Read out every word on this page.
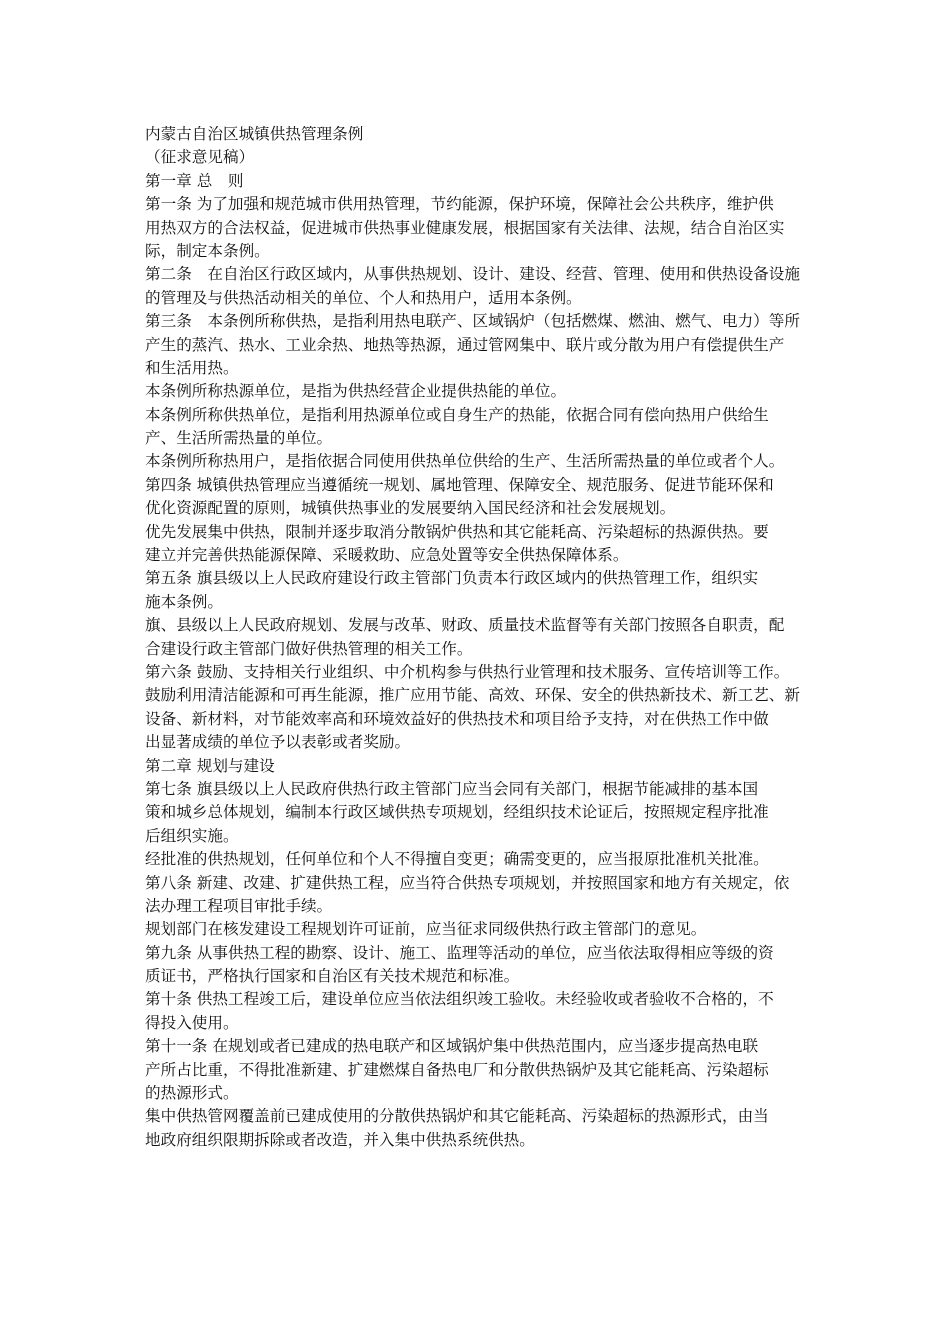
内蒙古自治区城镇供热管理条例
（征求意见稿）
第一章 总　则
第一条 为了加强和规范城市供用热管理，节约能源，保护环境，保障社会公共秩序，维护供
用热双方的合法权益，促进城市供热事业健康发展，根据国家有关法律、法规，结合自治区实
际，制定本条例。
第二条　在自治区行政区域内，从事供热规划、设计、建设、经营、管理、使用和供热设备设施
的管理及与供热活动相关的单位、个人和热用户，适用本条例。
第三条　本条例所称供热，是指利用热电联产、区域锅炉（包括燃煤、燃油、燃气、电力）等所
产生的蒸汽、热水、工业余热、地热等热源，通过管网集中、联片或分散为用户有偿提供生产
和生活用热。
本条例所称热源单位，是指为供热经营企业提供热能的单位。
本条例所称供热单位，是指利用热源单位或自身生产的热能，依据合同有偿向热用户供给生
产、生活所需热量的单位。
本条例所称热用户，是指依据合同使用供热单位供给的生产、生活所需热量的单位或者个人。
第四条 城镇供热管理应当遵循统一规划、属地管理、保障安全、规范服务、促进节能环保和
优化资源配置的原则，城镇供热事业的发展要纳入国民经济和社会发展规划。
优先发展集中供热，限制并逐步取消分散锅炉供热和其它能耗高、污染超标的热源供热。要
建立并完善供热能源保障、采暖救助、应急处置等安全供热保障体系。
第五条 旗县级以上人民政府建设行政主管部门负责本行政区域内的供热管理工作，组织实
施本条例。
旗、县级以上人民政府规划、发展与改革、财政、质量技术监督等有关部门按照各自职责，配
合建设行政主管部门做好供热管理的相关工作。
第六条 鼓励、支持相关行业组织、中介机构参与供热行业管理和技术服务、宣传培训等工作。
鼓励利用清洁能源和可再生能源，推广应用节能、高效、环保、安全的供热新技术、新工艺、新
设备、新材料，对节能效率高和环境效益好的供热技术和项目给予支持，对在供热工作中做
出显著成绩的单位予以表彰或者奖励。
第二章 规划与建设
第七条 旗县级以上人民政府供热行政主管部门应当会同有关部门，根据节能减排的基本国
策和城乡总体规划，编制本行政区域供热专项规划，经组织技术论证后，按照规定程序批准
后组织实施。
经批准的供热规划，任何单位和个人不得擅自变更；确需变更的，应当报原批准机关批准。
第八条 新建、改建、扩建供热工程，应当符合供热专项规划，并按照国家和地方有关规定，依
法办理工程项目审批手续。
规划部门在核发建设工程规划许可证前，应当征求同级供热行政主管部门的意见。
第九条 从事供热工程的勘察、设计、施工、监理等活动的单位，应当依法取得相应等级的资
质证书，严格执行国家和自治区有关技术规范和标准。
第十条 供热工程竣工后，建设单位应当依法组织竣工验收。未经验收或者验收不合格的，不
得投入使用。
第十一条 在规划或者已建成的热电联产和区域锅炉集中供热范围内，应当逐步提高热电联
产所占比重，不得批准新建、扩建燃煤自备热电厂和分散供热锅炉及其它能耗高、污染超标
的热源形式。
集中供热管网覆盖前已建成使用的分散供热锅炉和其它能耗高、污染超标的热源形式，由当
地政府组织限期拆除或者改造，并入集中供热系统供热。
